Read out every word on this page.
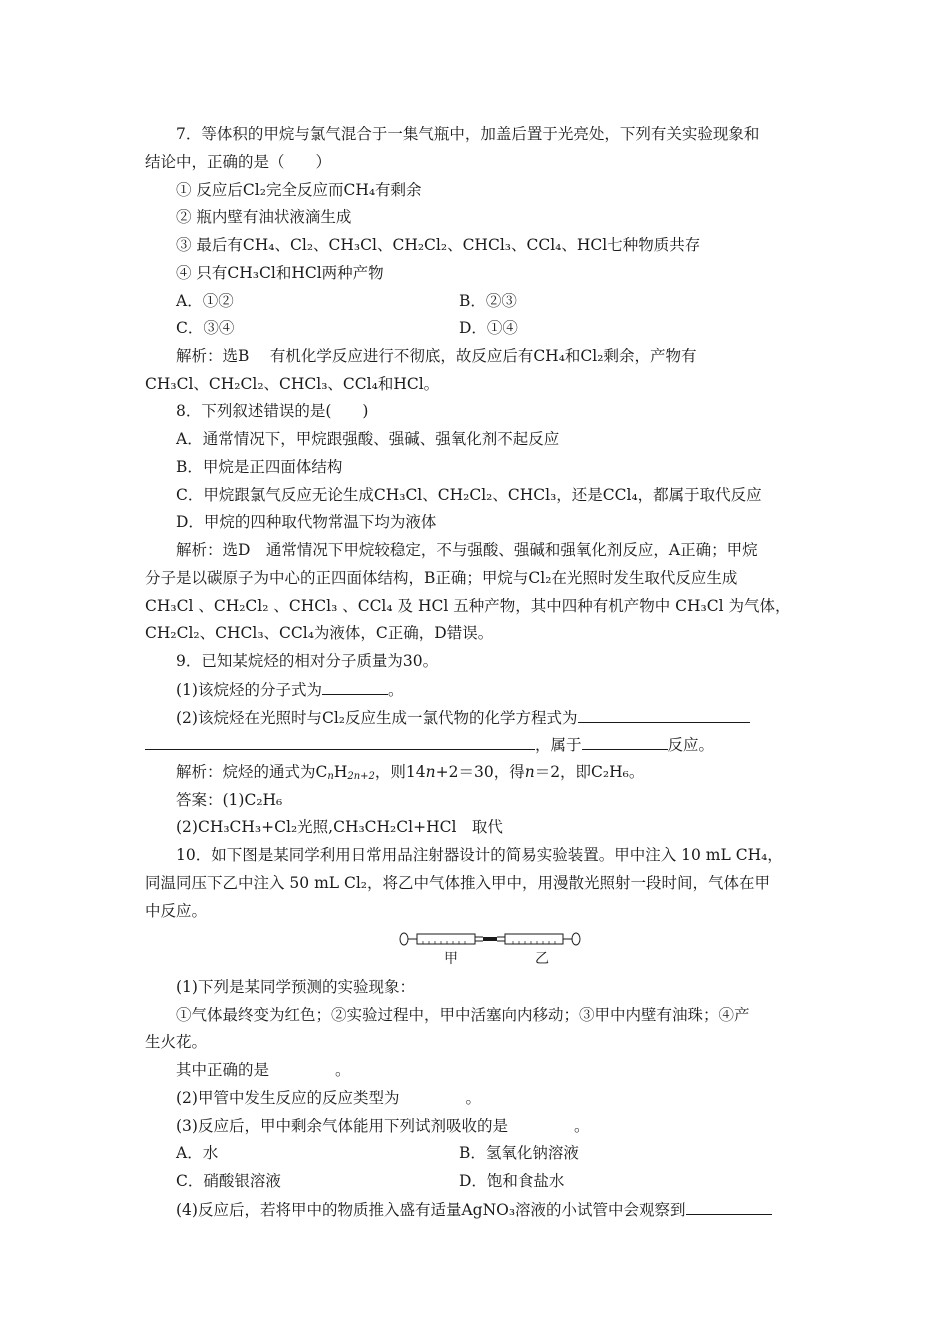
7．等体积的甲烷与氯气混合于一集气瓶中，加盖后置于光亮处，下列有关实验现象和
结论中，正确的是（　　）
① 反应后Cl₂完全反应而CH₄有剩余
② 瓶内壁有油状液滴生成
③ 最后有CH₄、Cl₂、CH₃Cl、CH₂Cl₂、CHCl₃、CCl₄、HCl七种物质共存
④ 只有CH₃Cl和HCl两种产物
A．①②	B．②③
C．③④	D．①④
解析：选B　 有机化学反应进行不彻底，故反应后有CH₄和Cl₂剩余，产物有
CH₃Cl、CH₂Cl₂、CHCl₃、CCl₄和HCl。
8．下列叙述错误的是(　　)
A．通常情况下，甲烷跟强酸、强碱、强氧化剂不起反应
B．甲烷是正四面体结构
C．甲烷跟氯气反应无论生成CH₃Cl、CH₂Cl₂、CHCl₃，还是CCl₄，都属于取代反应
D．甲烷的四种取代物常温下均为液体
解析：选D　通常情况下甲烷较稳定，不与强酸、强碱和强氧化剂反应，A正确；甲烷
分子是以碳原子为中心的正四面体结构，B正确；甲烷与Cl₂在光照时发生取代反应生成
CH₃Cl 、CH₂Cl₂ 、CHCl₃ 、CCl₄ 及 HCl 五种产物，其中四种有机产物中 CH₃Cl 为气体，
CH₂Cl₂、CHCl₃、CCl₄为液体，C正确，D错误。
9．已知某烷烃的相对分子质量为30。
(1)该烷烃的分子式为	。
(2)该烷烃在光照时与Cl₂反应生成一氯代物的化学方程式为
，属于	反应。
解析：烷烃的通式为$C_nH_{2n+2}$，则14n+2＝30，得n＝2，即C₂H₆。
答案：(1)C₂H₆
(2)CH₃CH₃+Cl₂光照,CH₃CH₂Cl+HCl　取代
10．如下图是某同学利用日常用品注射器设计的简易实验装置。甲中注入 10 mL CH₄，
同温同压下乙中注入 50 mL Cl₂，将乙中气体推入甲中，用漫散光照射一段时间，气体在甲
中反应。
甲	乙
(1)下列是某同学预测的实验现象：
①气体最终变为红色；②实验过程中，甲中活塞向内移动；③甲中内壁有油珠；④产
生火花。
其中正确的是	。
(2)甲管中发生反应的反应类型为	。
(3)反应后，甲中剩余气体能用下列试剂吸收的是	。
A．水	B．氢氧化钠溶液
C．硝酸银溶液	D．饱和食盐水
(4)反应后，若将甲中的物质推入盛有适量AgNO₃溶液的小试管中会观察到
